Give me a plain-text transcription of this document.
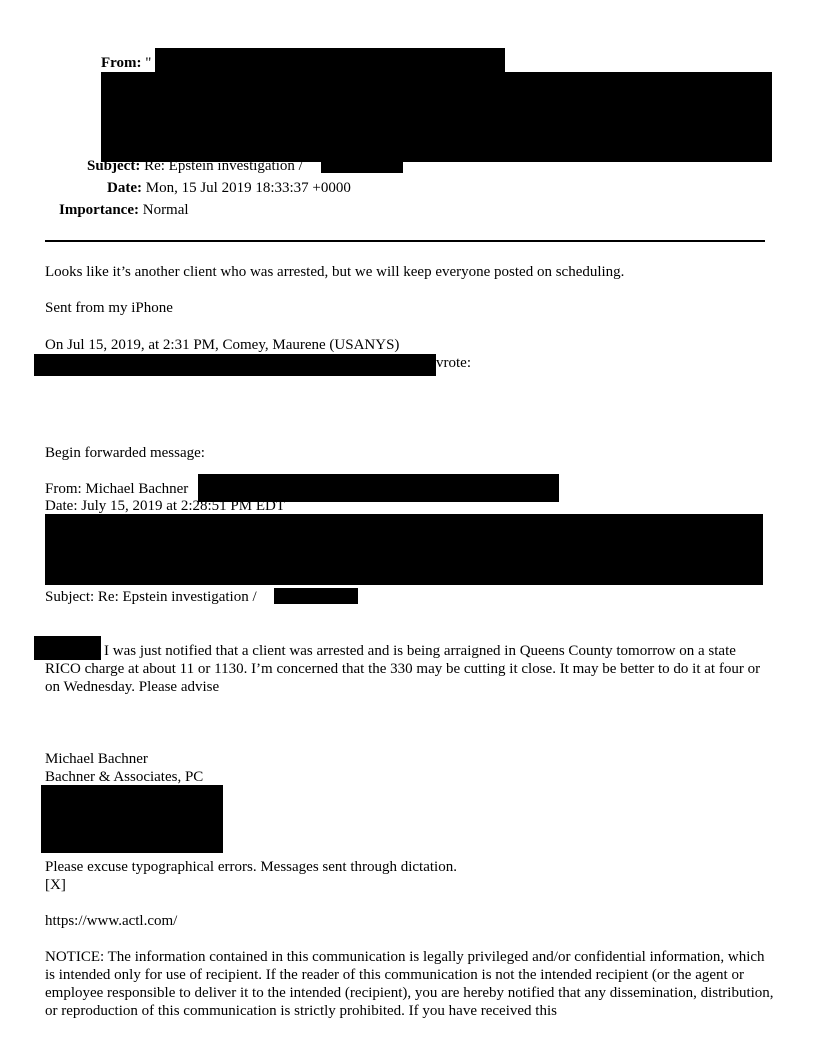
From: "
Subject: Re: Epstein investigation /
Date: Mon, 15 Jul 2019 18:33:37 +0000
Importance: Normal
Looks like it’s another client who was arrested, but we will keep everyone posted on scheduling.
Sent from my iPhone
On Jul 15, 2019, at 2:31 PM, Comey, Maurene (USANYS)
vrote:
Begin forwarded message:
From: Michael Bachner
Date: July 15, 2019 at 2:28:51 PM EDT
Subject: Re: Epstein investigation /
I was just notified that a client was arrested and is being arraigned in Queens County tomorrow on a state RICO charge at about 11 or 1130. I’m concerned that the 330 may be cutting it close. It may be better to do it at four or on Wednesday. Please advise
Michael Bachner
Bachner & Associates, PC
Please excuse typographical errors. Messages sent through dictation.
[X]
https://www.actl.com/
NOTICE: The information contained in this communication is legally privileged and/or confidential information, which is intended only for use of recipient. If the reader of this communication is not the intended recipient (or the agent or employee responsible to deliver it to the intended (recipient), you are hereby notified that any dissemination, distribution, or reproduction of this communication is strictly prohibited. If you have received this
